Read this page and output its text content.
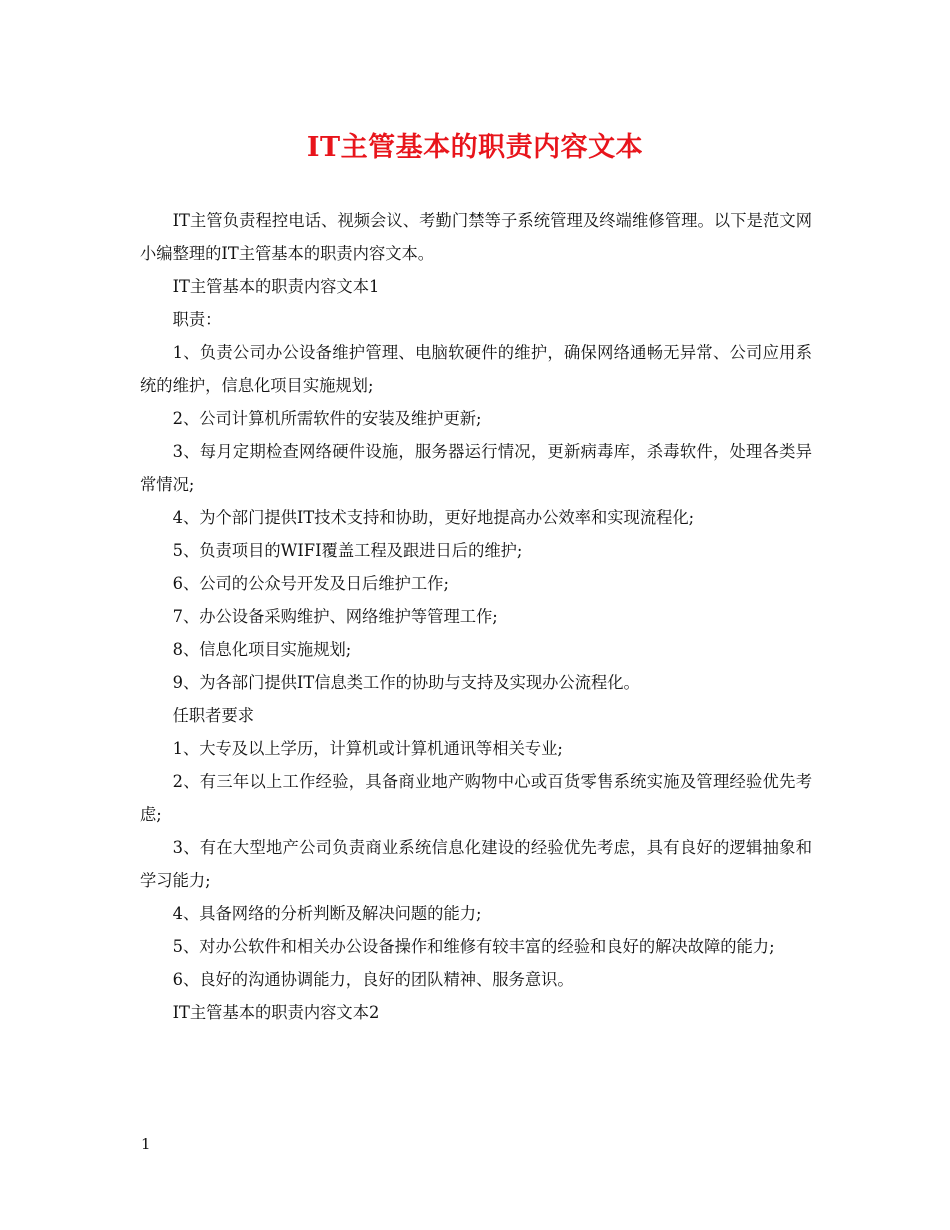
IT主管基本的职责内容文本

IT主管负责程控电话、视频会议、考勤门禁等子系统管理及终端维修管理。以下是范文网小编整理的IT主管基本的职责内容文本。

IT主管基本的职责内容文本1

职责：

1、负责公司办公设备维护管理、电脑软硬件的维护，确保网络通畅无异常、公司应用系统的维护，信息化项目实施规划;

2、公司计算机所需软件的安装及维护更新;

3、每月定期检查网络硬件设施，服务器运行情况，更新病毒库，杀毒软件，处理各类异常情况;

4、为个部门提供IT技术支持和协助，更好地提高办公效率和实现流程化;

5、负责项目的WIFI覆盖工程及跟进日后的维护;

6、公司的公众号开发及日后维护工作;

7、办公设备采购维护、网络维护等管理工作;

8、信息化项目实施规划;

9、为各部门提供IT信息类工作的协助与支持及实现办公流程化。

任职者要求

1、大专及以上学历，计算机或计算机通讯等相关专业;

2、有三年以上工作经验，具备商业地产购物中心或百货零售系统实施及管理经验优先考虑;

3、有在大型地产公司负责商业系统信息化建设的经验优先考虑，具有良好的逻辑抽象和学习能力;

4、具备网络的分析判断及解决问题的能力;

5、对办公软件和相关办公设备操作和维修有较丰富的经验和良好的解决故障的能力;

6、良好的沟通协调能力，良好的团队精神、服务意识。

IT主管基本的职责内容文本2

1
